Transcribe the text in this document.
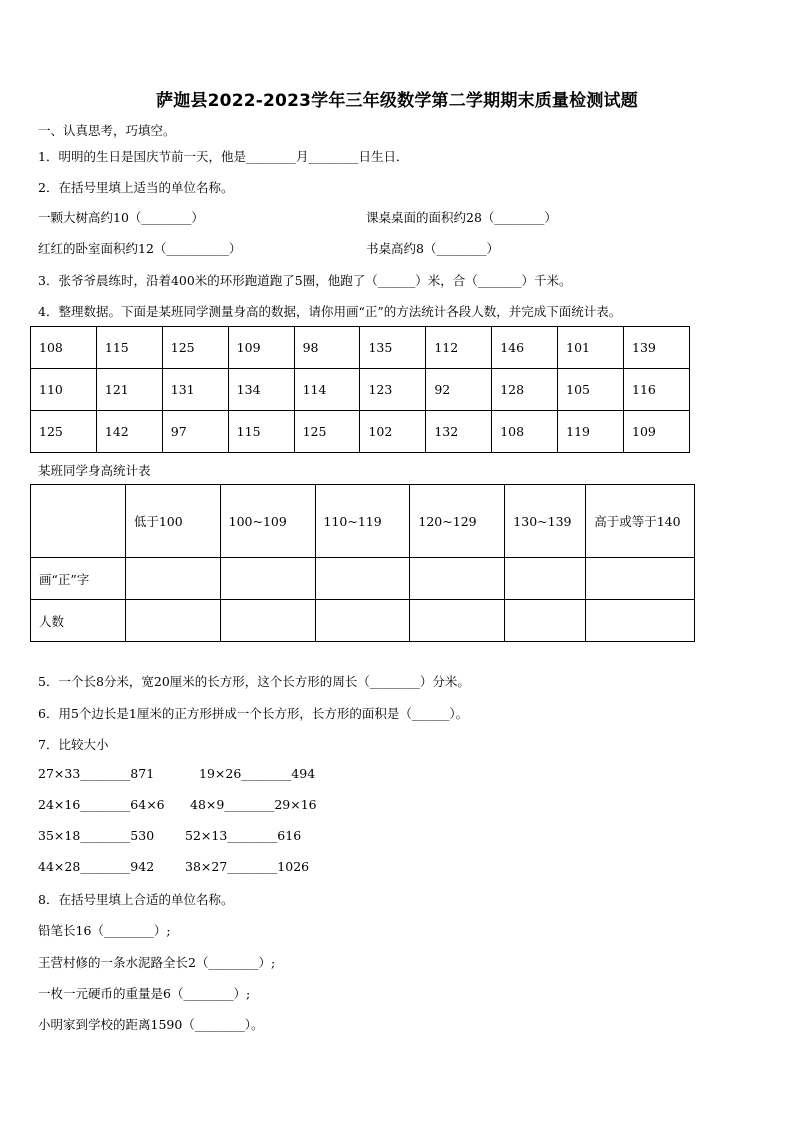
萨迦县2022-2023学年三年级数学第二学期期末质量检测试题
一、认真思考，巧填空。
1．明明的生日是国庆节前一天，他是________月________日生日．
2．在括号里填上适当的单位名称。
一颗大树高约10（________）	课桌桌面的面积约28（________）
红红的卧室面积约12（__________）	书桌高约8（________）
3．张爷爷晨练时，沿着400米的环形跑道跑了5圈，他跑了（______）米，合（_______）千米。
4．整理数据。下面是某班同学测量身高的数据，请你用画“正”的方法统计各段人数，并完成下面统计表。
108	115	125	109	98	135	112	146	101	139
110	121	131	134	114	123	92	128	105	116
125	142	97	115	125	102	132	108	119	109
某班同学身高统计表
	低于100	100~109	110~119	120~129	130~139	高于或等于140
画“正”字						
人数						
5．一个长8分米，宽20厘米的长方形，这个长方形的周长（________）分米。
6．用5个边长是1厘米的正方形拼成一个长方形，长方形的面积是（______）。
7．比较大小
27×33________871	19×26________494
24×16________64×6 48×9________29×16
35×18________530 52×13________616
44×28________942 38×27________1026
8．在括号里填上合适的单位名称。
铅笔长16（________）;
王营村修的一条水泥路全长2（________）;
一枚一元硬币的重量是6（________）;
小明家到学校的距离1590（________）。
